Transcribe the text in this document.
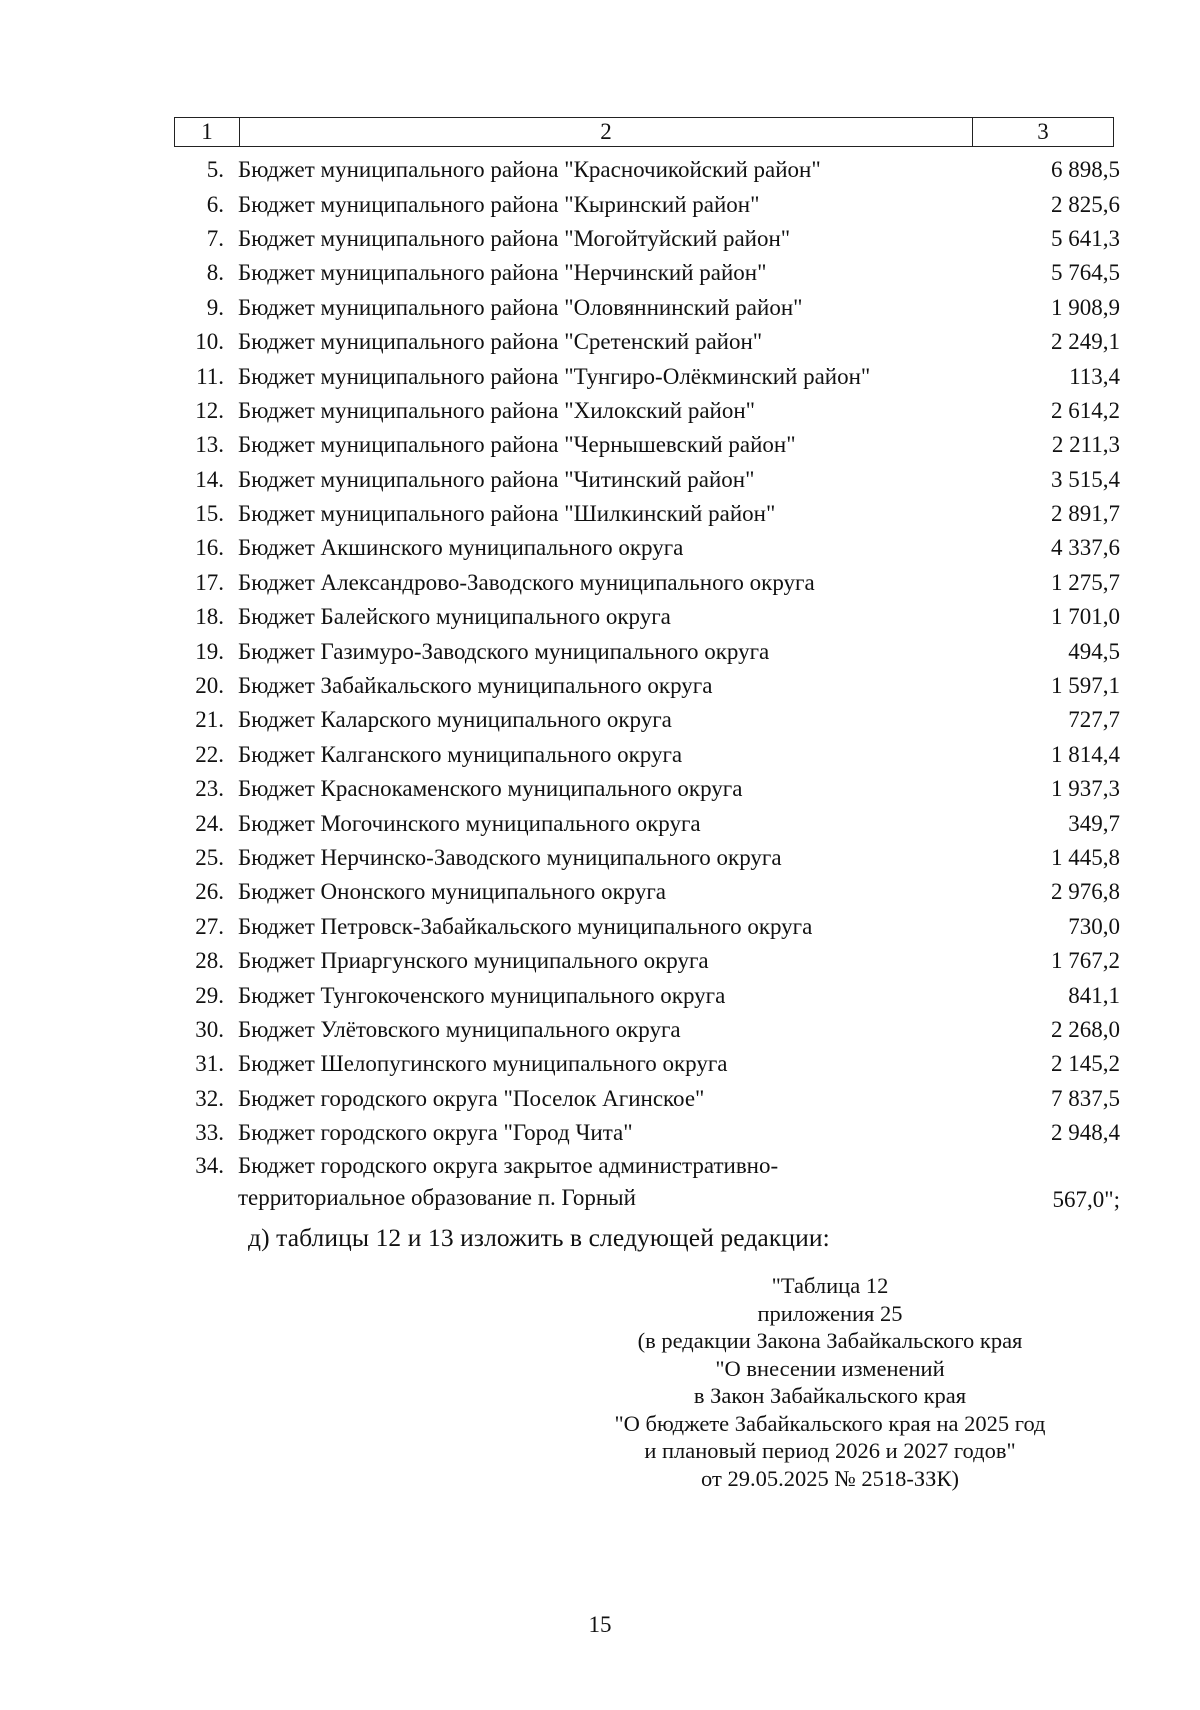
1	2	3
5. Бюджет муниципального района "Красночикойский район"	6 898,5
6. Бюджет муниципального района "Кыринский район"	2 825,6
7. Бюджет муниципального района "Могойтуйский район"	5 641,3
8. Бюджет муниципального района "Нерчинский район"	5 764,5
9. Бюджет муниципального района "Оловяннинский район"	1 908,9
10. Бюджет муниципального района "Сретенский район"	2 249,1
11. Бюджет муниципального района "Тунгиро-Олёкминский район"	113,4
12. Бюджет муниципального района "Хилокский район"	2 614,2
13. Бюджет муниципального района "Чернышевский район"	2 211,3
14. Бюджет муниципального района "Читинский район"	3 515,4
15. Бюджет муниципального района "Шилкинский район"	2 891,7
16. Бюджет Акшинского муниципального округа	4 337,6
17. Бюджет Александрово-Заводского муниципального округа	1 275,7
18. Бюджет Балейского муниципального округа	1 701,0
19. Бюджет Газимуро-Заводского муниципального округа	494,5
20. Бюджет Забайкальского муниципального округа	1 597,1
21. Бюджет Каларского муниципального округа	727,7
22. Бюджет Калганского муниципального округа	1 814,4
23. Бюджет Краснокаменского муниципального округа	1 937,3
24. Бюджет Могочинского муниципального округа	349,7
25. Бюджет Нерчинско-Заводского муниципального округа	1 445,8
26. Бюджет Ононского муниципального округа	2 976,8
27. Бюджет Петровск-Забайкальского муниципального округа	730,0
28. Бюджет Приаргунского муниципального округа	1 767,2
29. Бюджет Тунгокоченского муниципального округа	841,1
30. Бюджет Улётовского муниципального округа	2 268,0
31. Бюджет Шелопугинского муниципального округа	2 145,2
32. Бюджет городского округа "Поселок Агинское"	7 837,5
33. Бюджет городского округа "Город Чита"	2 948,4
34. Бюджет городского округа закрытое административно-
территориальное образование п. Горный	567,0";
д) таблицы 12 и 13 изложить в следующей редакции:
"Таблица 12
приложения 25
(в редакции Закона Забайкальского края
"О внесении изменений
в Закон Забайкальского края
"О бюджете Забайкальского края на 2025 год
и плановый период 2026 и 2027 годов"
от 29.05.2025 № 2518-ЗЗК)
15
